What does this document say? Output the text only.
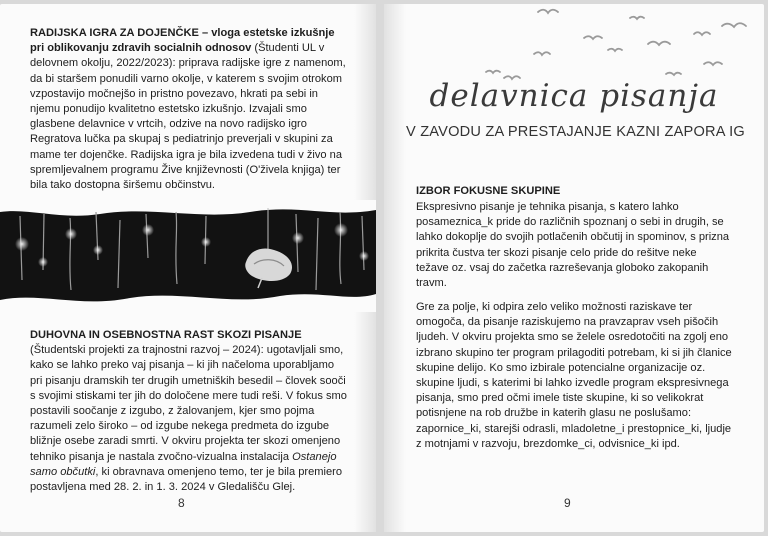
RADIJSKA IGRA ZA DOJENČKE – vloga estetske izkušnje pri oblikovanju zdravih socialnih odnosov (Študenti UL v delovnem okolju, 2022/2023): priprava radijske igre z namenom, da bi staršem ponudili varno okolje, v katerem s svojim otrokom vzpostavijo močnejšo in pristno povezavo, hkrati pa sebi in njemu ponudijo kvalitetno estetsko izkušnjo. Izvajali smo glasbene delavnice v vrtcih, odzive na novo radijsko igro Regratova lučka pa skupaj s pediatrinjo preverjali v skupini za mame ter dojenčke. Radijska igra je bila izvedena tudi v živo na spremljevalnem programu Žive književnosti (O'živela knjiga) ter bila tako dostopna širšemu občinstvu.

DUHOVNA IN OSEBNOSTNA RAST SKOZI PISANJE (Študentski projekti za trajnostni razvoj – 2024): ugotavljali smo, kako se lahko preko vaj pisanja – ki jih načeloma uporabljamo pri pisanju dramskih ter drugih umetniških besedil – človek sooči s svojimi stiskami ter jih do določene mere tudi reši. V fokus smo postavili soočanje z izgubo, z žalovanjem, kjer smo pojma razumeli zelo široko – od izgube nekega predmeta do izgube bližnje osebe zaradi smrti. V okviru projekta ter skozi omenjeno tehniko pisanja je nastala zvočno-vizualna instalacija Ostanejo samo občutki, ki obravnava omenjeno temo, ter je bila premiero postavljena med 28. 2. in 1. 3. 2024 v Gledališču Glej.

8
delavnica pisanja
V ZAVODU ZA PRESTAJANJE KAZNI ZAPORA IG

IZBOR FOKUSNE SKUPINE

Ekspresivno pisanje je tehnika pisanja, s katero lahko posameznica_k pride do različnih spoznanj o sebi in drugih, se lahko dokoplje do svojih potlačenih občutij in spominov, s prizna prikrita čustva ter skozi pisanje celo pride do rešitve neke težave oz. vsaj do začetka razreševanja globoko zakopanih travm.

Gre za polje, ki odpira zelo veliko možnosti raziskave ter omogoča, da pisanje raziskujemo na pravzaprav vseh pišočih ljudeh. V okviru projekta smo se želele osredotočiti na zgolj eno izbrano skupino ter program prilagoditi potrebam, ki si jih članice skupine delijo. Ko smo izbirale potencialne organizacije oz. skupine ljudi, s katerimi bi lahko izvedle program ekspresivnega pisanja, smo pred očmi imele tiste skupine, ki so velikokrat potisnjene na rob družbe in katerih glasu ne poslušamo: zapornice_ki, starejši odrasli, mladoletne_i prestopnice_ki, ljudje z motnjami v razvoju, brezdomke_ci, odvisnice_ki ipd.

9
